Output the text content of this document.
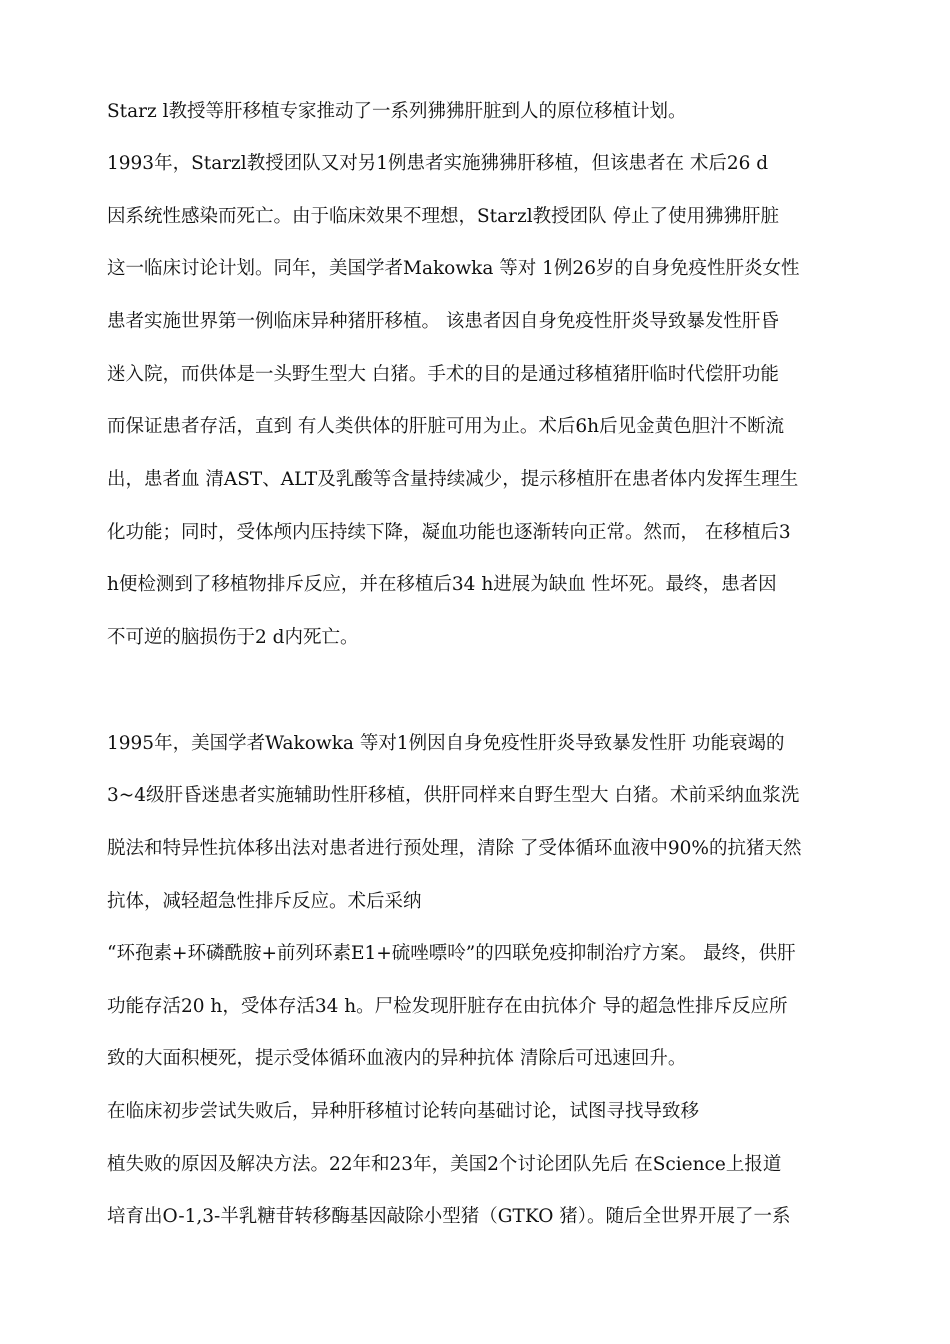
Starz l教授等肝移植专家推动了一系列狒狒肝脏到人的原位移植计划。
1993年，Starzl教授团队又对另1例患者实施狒狒肝移植，但该患者在 术后26 d
因系统性感染而死亡。由于临床效果不理想，Starzl教授团队 停止了使用狒狒肝脏
这一临床讨论计划。同年，美国学者Makowka 等对 1例26岁的自身免疫性肝炎女性
患者实施世界第一例临床异种猪肝移植。 该患者因自身免疫性肝炎导致暴发性肝昏
迷入院，而供体是一头野生型大 白猪。手术的目的是通过移植猪肝临时代偿肝功能
而保证患者存活，直到 有人类供体的肝脏可用为止。术后6h后见金黄色胆汁不断流
出，患者血 清AST、ALT及乳酸等含量持续减少，提示移植肝在患者体内发挥生理生
化功能；同时，受体颅内压持续下降，凝血功能也逐渐转向正常。然而， 在移植后3
h便检测到了移植物排斥反应，并在移植后34 h进展为缺血 性坏死。最终，患者因
不可逆的脑损伤于2 d内死亡。
1995年，美国学者Wakowka 等对1例因自身免疫性肝炎导致暴发性肝 功能衰竭的
3~4级肝昏迷患者实施辅助性肝移植，供肝同样来自野生型大 白猪。术前采纳血浆洗
脱法和特异性抗体移出法对患者进行预处理，清除 了受体循环血液中90%的抗猪天然
抗体，减轻超急性排斥反应。术后采纳
“环孢素+环磷酰胺+前列环素E1+硫唑嘌呤”的四联免疫抑制治疗方案。 最终，供肝
功能存活20 h，受体存活34 h。尸检发现肝脏存在由抗体介 导的超急性排斥反应所
致的大面积梗死，提示受体循环血液内的异种抗体 清除后可迅速回升。
在临床初步尝试失败后，异种肝移植讨论转向基础讨论，试图寻找导致移
植失败的原因及解决方法。22年和23年，美国2个讨论团队先后 在Science上报道
培育出O-1,3-半乳糖苷转移酶基因敲除小型猪（GTKO 猪）。随后全世界开展了一系
